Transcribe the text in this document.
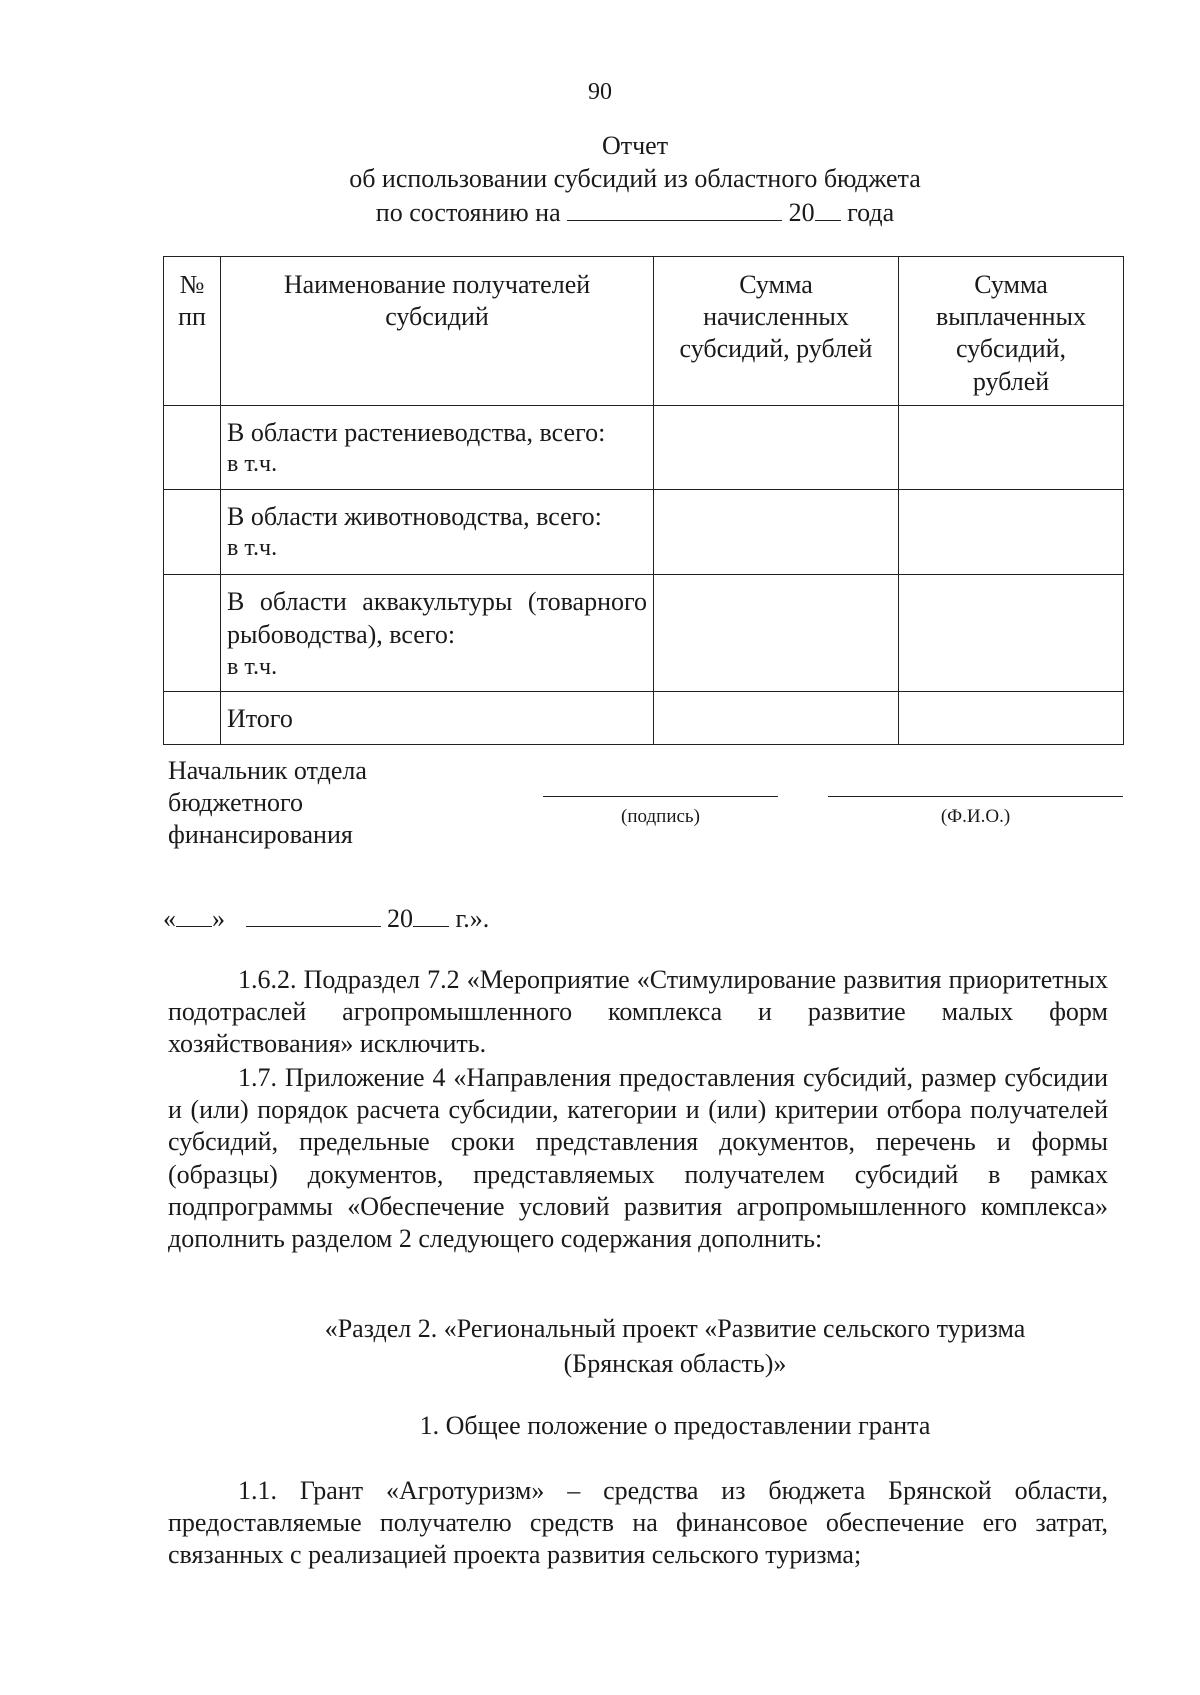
90
Отчет
об использовании субсидий из областного бюджета
по состоянию на	20 года
№ пп	Наименование получателей субсидий	Сумма начисленных субсидий, рублей	Сумма выплаченных субсидий, рублей

	В области растениеводства, всего:
в т.ч.		

	В области животноводства, всего:
в т.ч.		

	В области аквакультуры (товарного рыбоводства), всего:
в т.ч.		

	Итого		

Начальник отдела
бюджетного
финансирования
(подпись)	(Ф.И.О.)
« »	20 г.».
1.6.2. Подраздел 7.2 «Мероприятие «Стимулирование развития приоритетных подотраслей агропромышленного комплекса и развитие малых форм хозяйствования» исключить.
1.7. Приложение 4 «Направления предоставления субсидий, размер субсидии и (или) порядок расчета субсидии, категории и (или) критерии отбора получателей субсидий, предельные сроки представления документов, перечень и формы (образцы) документов, представляемых получателем субсидий в рамках подпрограммы «Обеспечение условий развития агропромышленного комплекса» дополнить разделом 2 следующего содержания дополнить:
«Раздел 2. «Региональный проект «Развитие сельского туризма
(Брянская область)»
1. Общее положение о предоставлении гранта
1.1. Грант «Агротуризм» – средства из бюджета Брянской области, предоставляемые получателю средств на финансовое обеспечение его затрат, связанных с реализацией проекта развития сельского туризма;
